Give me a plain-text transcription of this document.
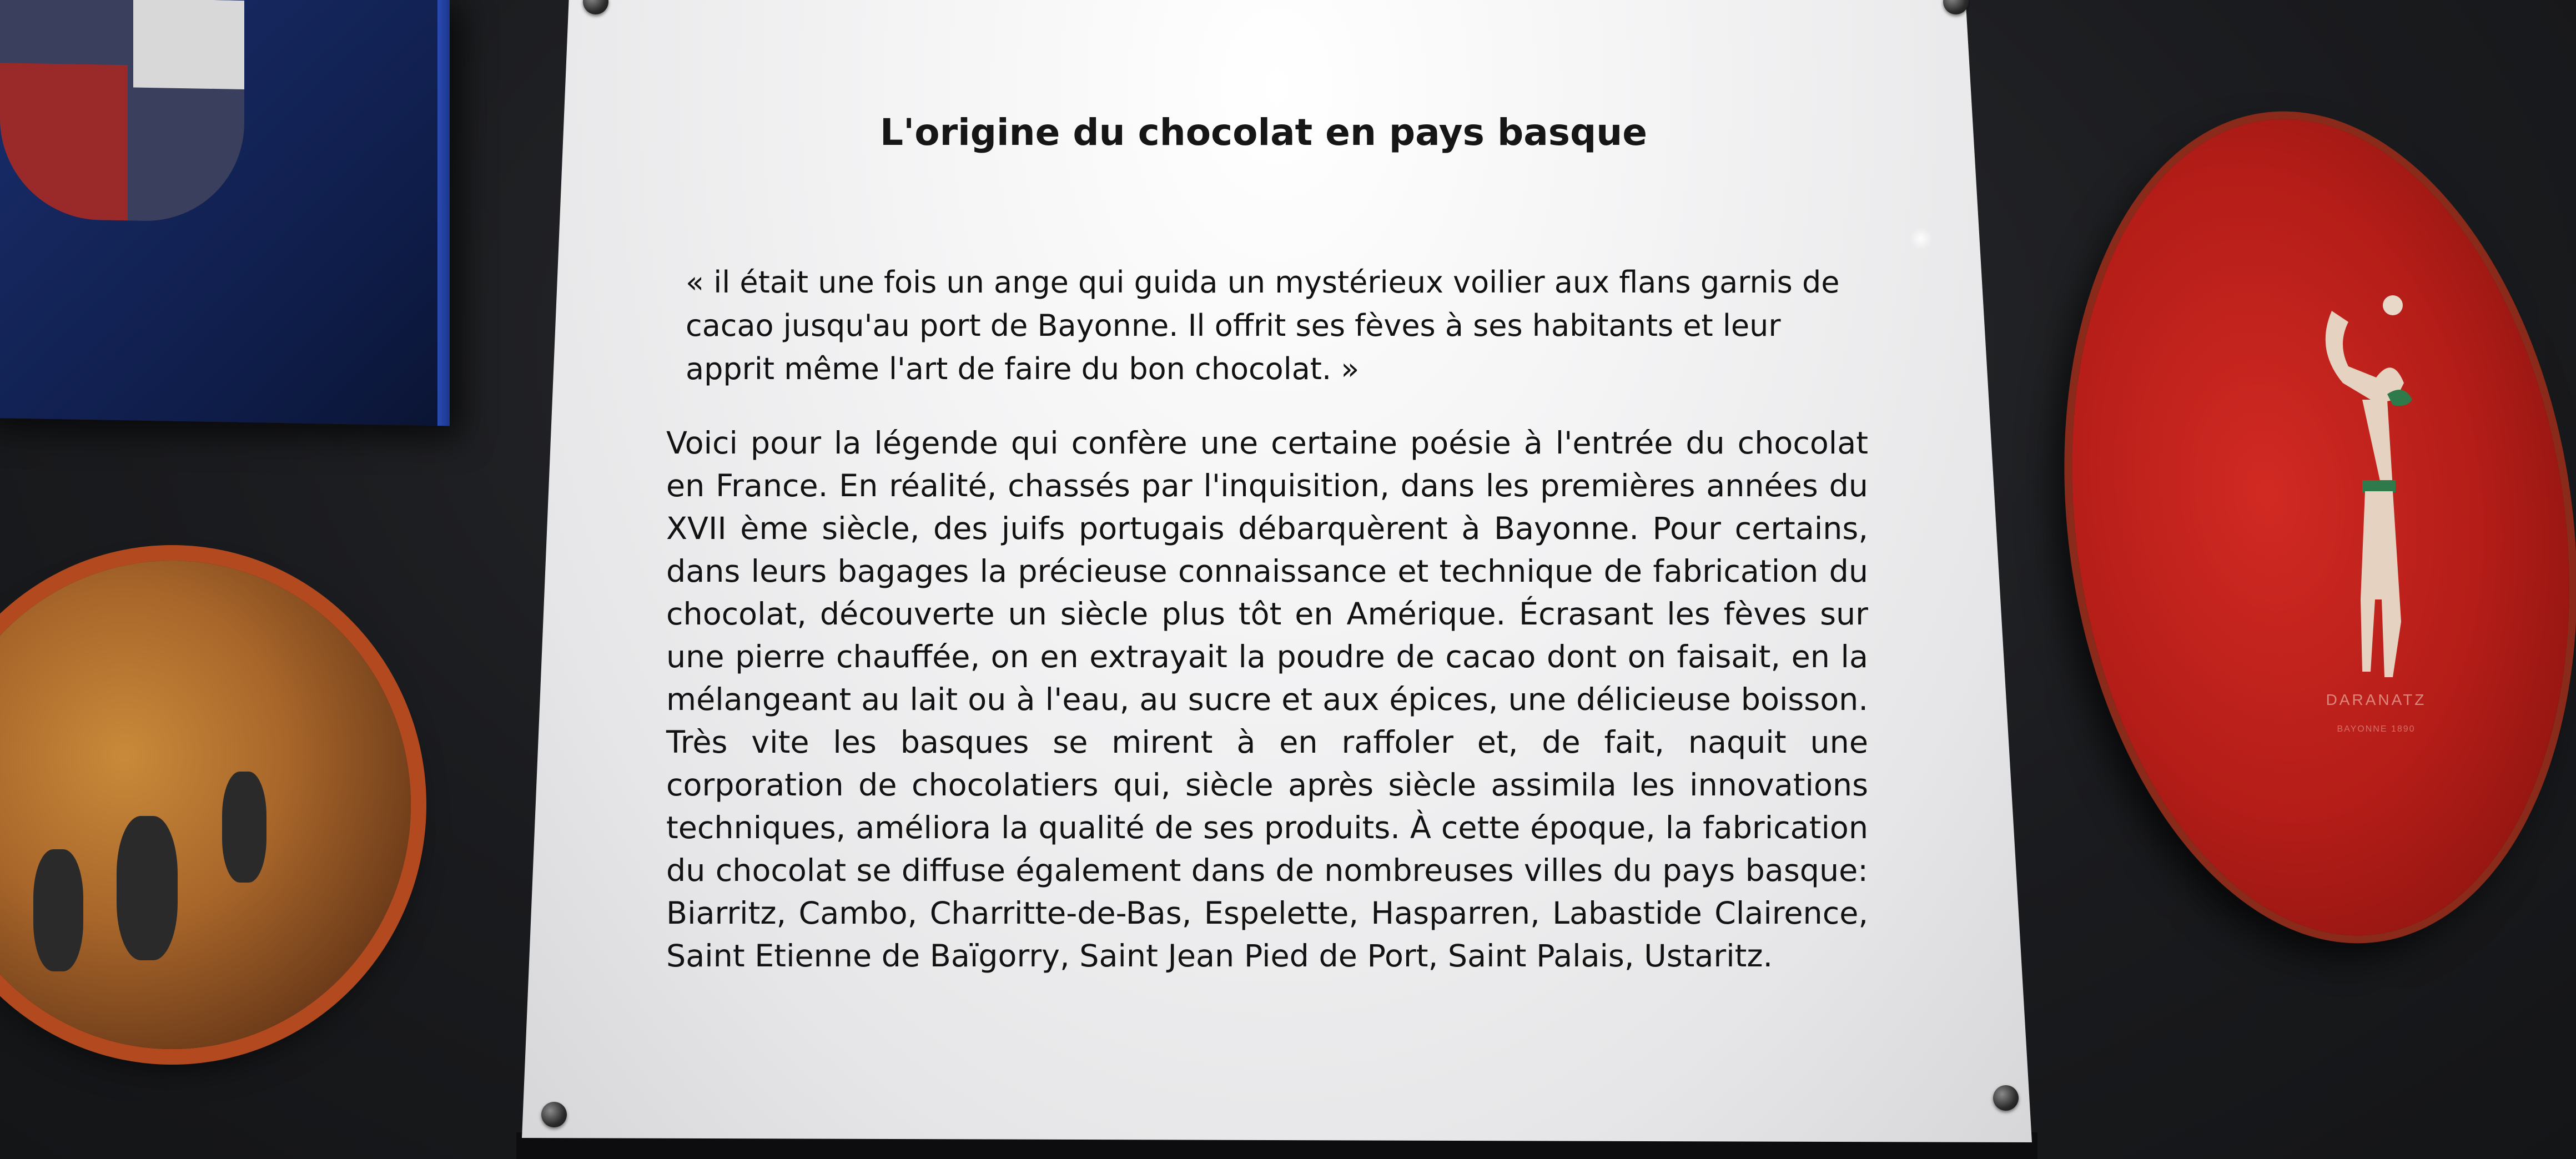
DARANATZ
BAYONNE 1890
L'origine du chocolat en pays basque
« il était une fois un ange qui guida un mystérieux voilier aux flans garnis de cacao jusqu'au port de Bayonne. Il offrit ses fèves à ses habitants et leur apprit même l'art de faire du bon chocolat. »
Voici pour la légende qui confère une certaine poésie à l'entrée du chocolat en France. En réalité, chassés par l'inquisition, dans les premières années du XVII ème siècle, des juifs portugais débarquèrent à Bayonne. Pour certains, dans leurs bagages la précieuse connaissance et technique de fabrication du chocolat, découverte un siècle plus tôt en Amérique. Écrasant les fèves sur une pierre chauffée, on en extrayait la poudre de cacao dont on faisait, en la mélangeant au lait ou à l'eau, au sucre et aux épices, une délicieuse boisson. Très vite les basques se mirent à en raffoler et, de fait, naquit une corporation de chocolatiers qui, siècle après siècle assimila les innovations techniques, améliora la qualité de ses produits. À cette époque, la fabrication du chocolat se diffuse également dans de nombreuses villes du pays basque: Biarritz, Cambo, Charritte-de-Bas, Espelette, Hasparren, Labastide Clairence, Saint Etienne de Baïgorry, Saint Jean Pied de Port, Saint Palais, Ustaritz.
